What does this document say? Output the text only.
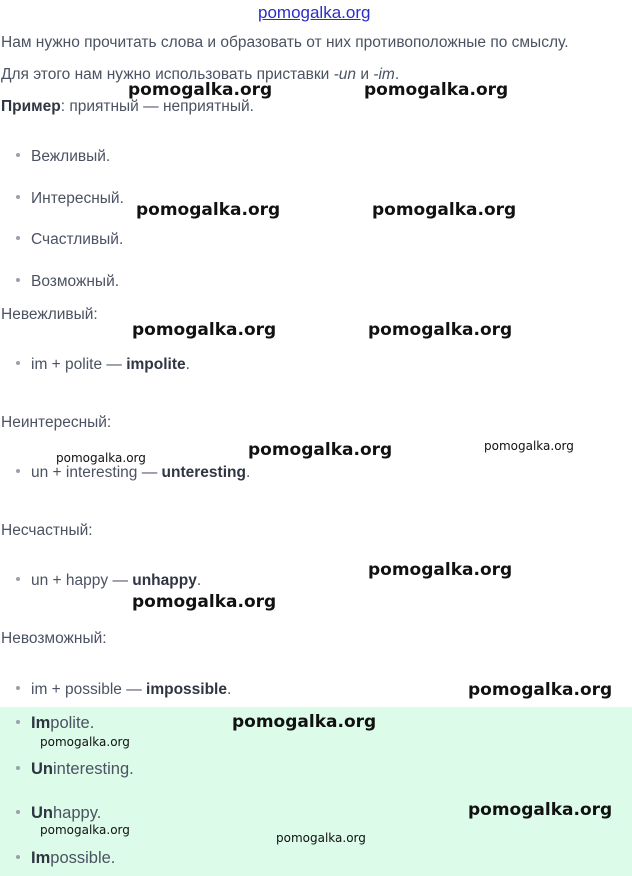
pomogalka.org
Нам нужно прочитать слова и образовать от них противоположные по смыслу.
Для этого нам нужно использовать приставки -un и -im.
Пример: приятный — неприятный.
Вежливый.
Интересный.
Счастливый.
Возможный.
Невежливый:
im + polite — impolite.
Неинтересный:
un + interesting — unteresting.
Несчастный:
un + happy — unhappy.
Невозможный:
im + possible — impossible.
Impolite.
Uninteresting.
Unhappy.
Impossible.
pomogalka.org	pomogalka.org
pomogalka.org	pomogalka.org
pomogalka.org	pomogalka.org
pomogalka.org	pomogalka.org
pomogalka.org
pomogalka.org
pomogalka.org
pomogalka.org
pomogalka.org
pomogalka.org
pomogalka.org
pomogalka.org
pomogalka.org
